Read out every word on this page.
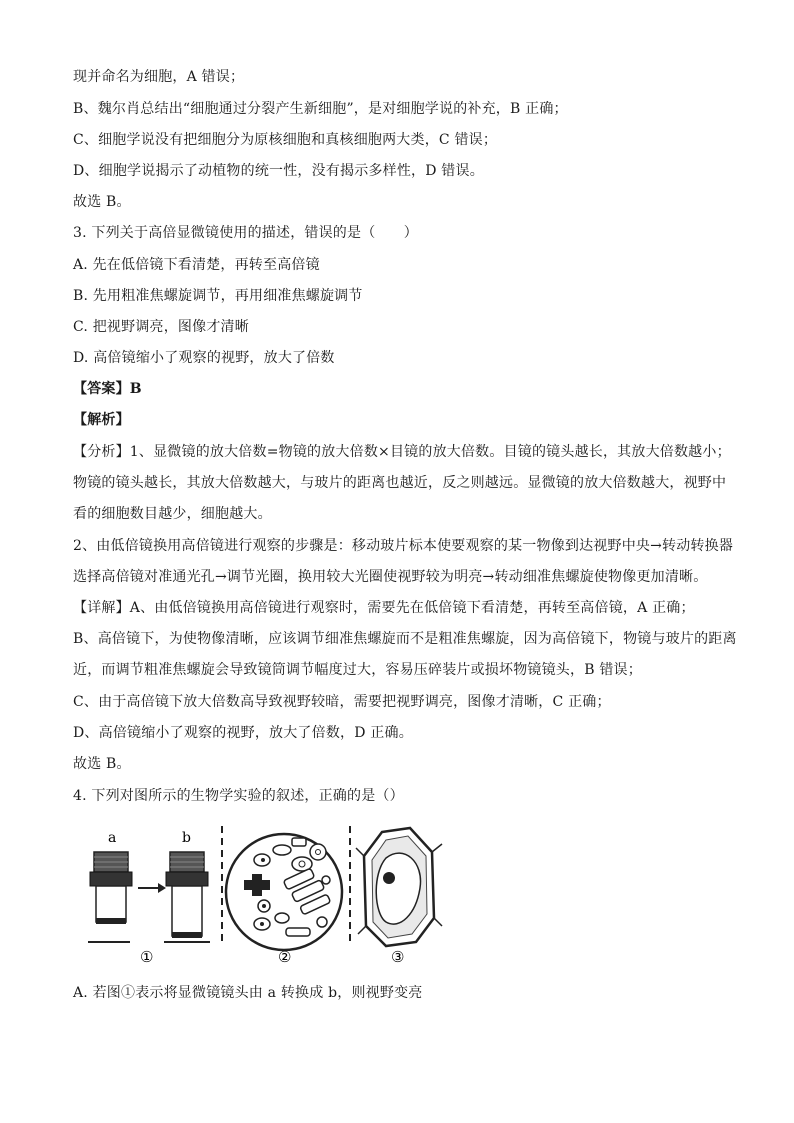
现并命名为细胞，A 错误；
B、魏尔肖总结出“细胞通过分裂产生新细胞”，是对细胞学说的补充，B 正确；
C、细胞学说没有把细胞分为原核细胞和真核细胞两大类，C 错误；
D、细胞学说揭示了动植物的统一性，没有揭示多样性，D 错误。
故选 B。
3. 下列关于高倍显微镜使用的描述，错误的是（　　）
A. 先在低倍镜下看清楚，再转至高倍镜
B. 先用粗准焦螺旋调节，再用细准焦螺旋调节
C. 把视野调亮，图像才清晰
D. 高倍镜缩小了观察的视野，放大了倍数
【答案】B
【解析】
【分析】1、显微镜的放大倍数=物镜的放大倍数×目镜的放大倍数。目镜的镜头越长，其放大倍数越小；
物镜的镜头越长，其放大倍数越大，与玻片的距离也越近，反之则越远。显微镜的放大倍数越大，视野中
看的细胞数目越少，细胞越大。
2、由低倍镜换用高倍镜进行观察的步骤是：移动玻片标本使要观察的某一物像到达视野中央→转动转换器
选择高倍镜对准通光孔→调节光圈，换用较大光圈使视野较为明亮→转动细准焦螺旋使物像更加清晰。
【详解】A、由低倍镜换用高倍镜进行观察时，需要先在低倍镜下看清楚，再转至高倍镜，A 正确；
B、高倍镜下，为使物像清晰，应该调节细准焦螺旋而不是粗准焦螺旋，因为高倍镜下，物镜与玻片的距离
近，而调节粗准焦螺旋会导致镜筒调节幅度过大，容易压碎装片或损坏物镜镜头，B 错误；
C、由于高倍镜下放大倍数高导致视野较暗，需要把视野调亮，图像才清晰，C 正确；
D、高倍镜缩小了观察的视野，放大了倍数，D 正确。
故选 B。
4. 下列对图所示的生物学实验的叙述，正确的是（）
a	b
①	②	③
A. 若图①表示将显微镜镜头由 a 转换成 b，则视野变亮
